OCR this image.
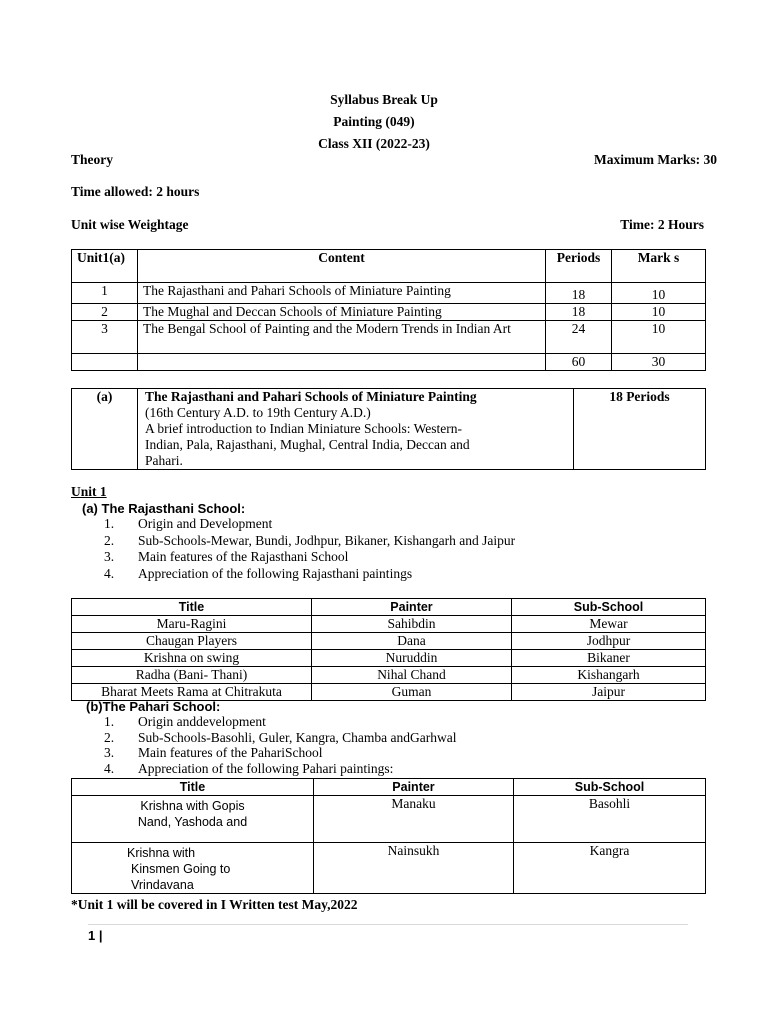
Syllabus Break Up
Painting (049)
Class XII (2022-23)
Theory	Maximum Marks: 30
Time allowed: 2 hours
Unit wise Weightage	Time: 2 Hours
Unit1(a)	Content	Periods	Mark s
1	The Rajasthani and Pahari Schools of Miniature Painting	18	10
2	The Mughal and Deccan Schools of Miniature Painting	18	10
3	The Bengal School of Painting and the Modern Trends in Indian Art	24	10
		60	30
(a)	The Rajasthani and Pahari Schools of Miniature Painting
(16th Century A.D. to 19th Century A.D.)
A brief introduction to Indian Miniature Schools: Western-
Indian, Pala, Rajasthani, Mughal, Central India, Deccan and
Pahari.
	18 Periods
Unit 1
(a) The Rajasthani School:
1. Origin and Development
2. Sub-Schools-Mewar, Bundi, Jodhpur, Bikaner, Kishangarh and Jaipur
3. Main features of the Rajasthani School
4. Appreciation of the following Rajasthani paintings
Title	Painter	Sub-School
Maru-Ragini	Sahibdin	Mewar
Chaugan Players	Dana	Jodhpur
Krishna on swing	Nuruddin	Bikaner
Radha (Bani- Thani)	Nihal Chand	Kishangarh
Bharat Meets Rama at Chitrakuta	Guman	Jaipur
(b)The Pahari School:
1. Origin anddevelopment
2. Sub-Schools-Basohli, Guler, Kangra, Chamba andGarhwal
3. Main features of the PahariSchool
4. Appreciation of the following Pahari paintings:
Title	Painter	Sub-School

Krishna with Gopis
Nand, Yashoda and	Manaku	Basohli

Krishna with
Kinsmen Going to
Vrindavana	Nainsukh	Kangra
*Unit 1 will be covered in I Written test May,2022
1 |
